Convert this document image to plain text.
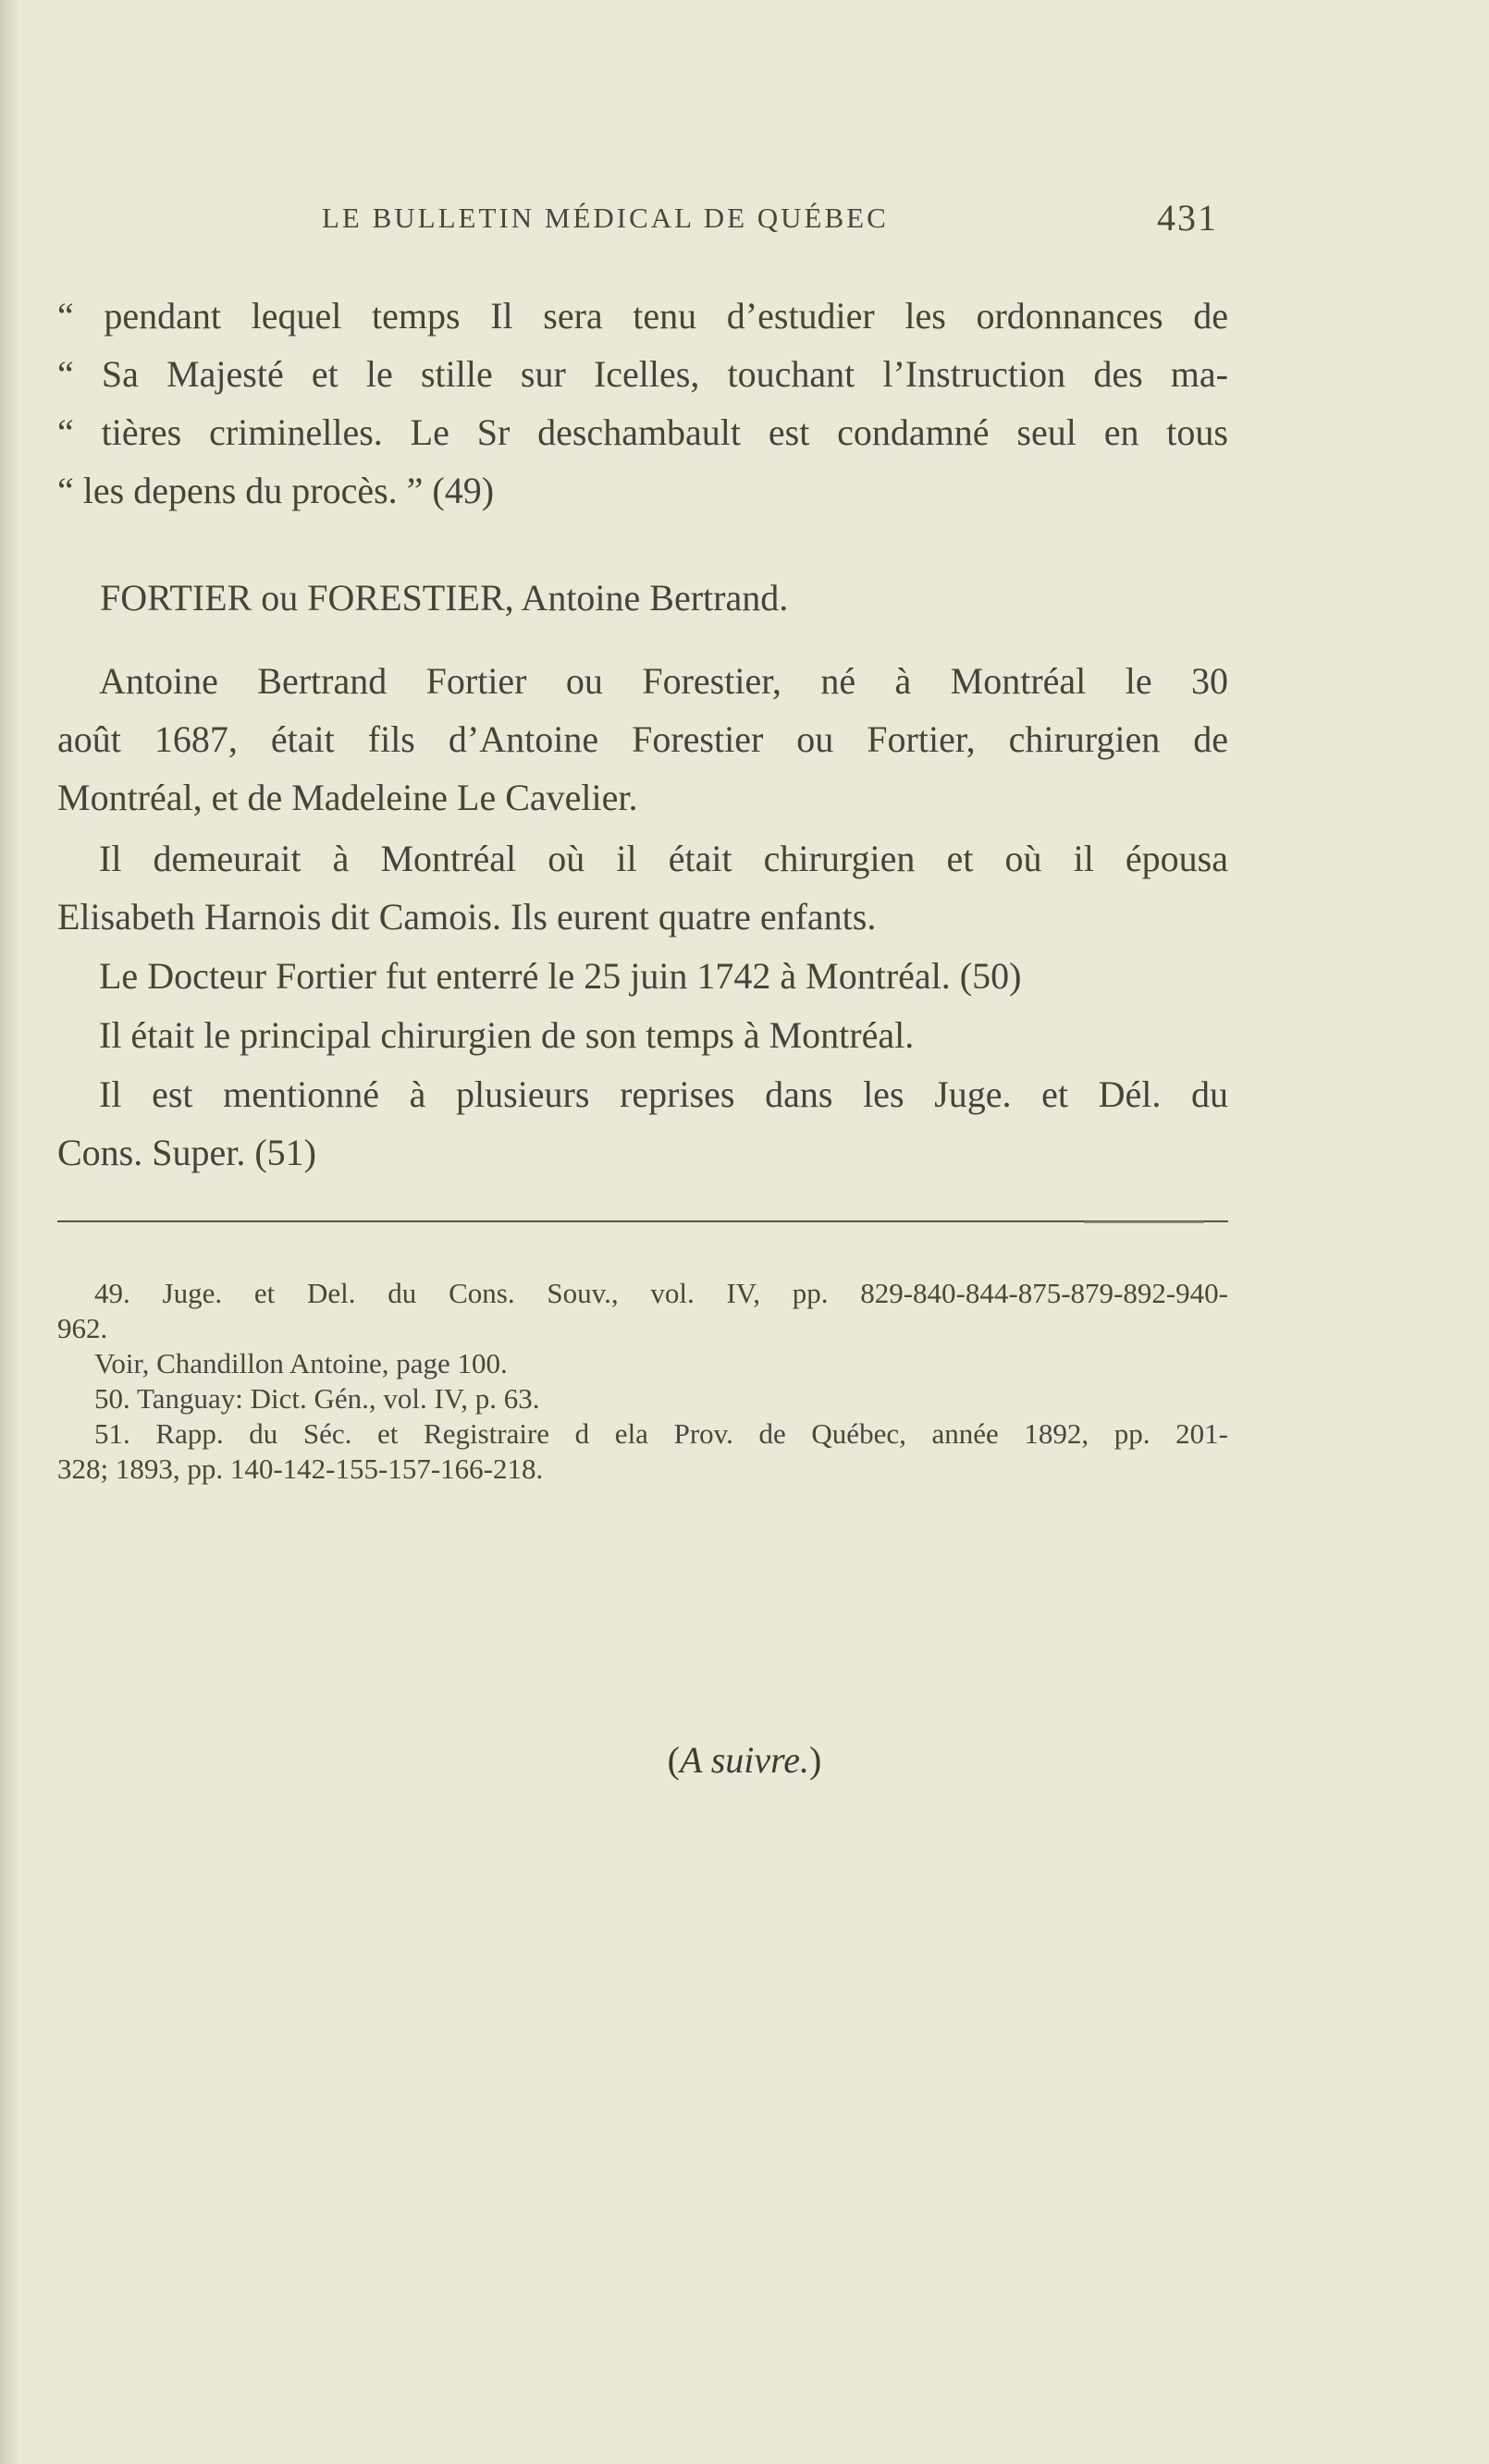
LE BULLETIN MÉDICAL DE QUÉBEC	431
“ pendant lequel temps Il sera tenu d’estudier les ordonnances de
“ Sa Majesté et le stille sur Icelles, touchant l’Instruction des ma-
“ tières criminelles. Le Sr deschambault est condamné seul en tous
“ les depens du procès. ” (49)
FORTIER ou FORESTIER, Antoine Bertrand.
Antoine Bertrand Fortier ou Forestier, né à Montréal le 30
août 1687, était fils d’Antoine Forestier ou Fortier, chirurgien de
Montréal, et de Madeleine Le Cavelier.
Il demeurait à Montréal où il était chirurgien et où il épousa
Elisabeth Harnois dit Camois. Ils eurent quatre enfants.
Le Docteur Fortier fut enterré le 25 juin 1742 à Montréal. (50)
Il était le principal chirurgien de son temps à Montréal.
Il est mentionné à plusieurs reprises dans les Juge. et Dél. du
Cons. Super. (51)
49. Juge. et Del. du Cons. Souv., vol. IV, pp. 829-840-844-875-879-892-940-
962.
Voir, Chandillon Antoine, page 100.
50. Tanguay: Dict. Gén., vol. IV, p. 63.
51. Rapp. du Séc. et Registraire d ela Prov. de Québec, année 1892, pp. 201-
328; 1893, pp. 140-142-155-157-166-218.
(A suivre.)
